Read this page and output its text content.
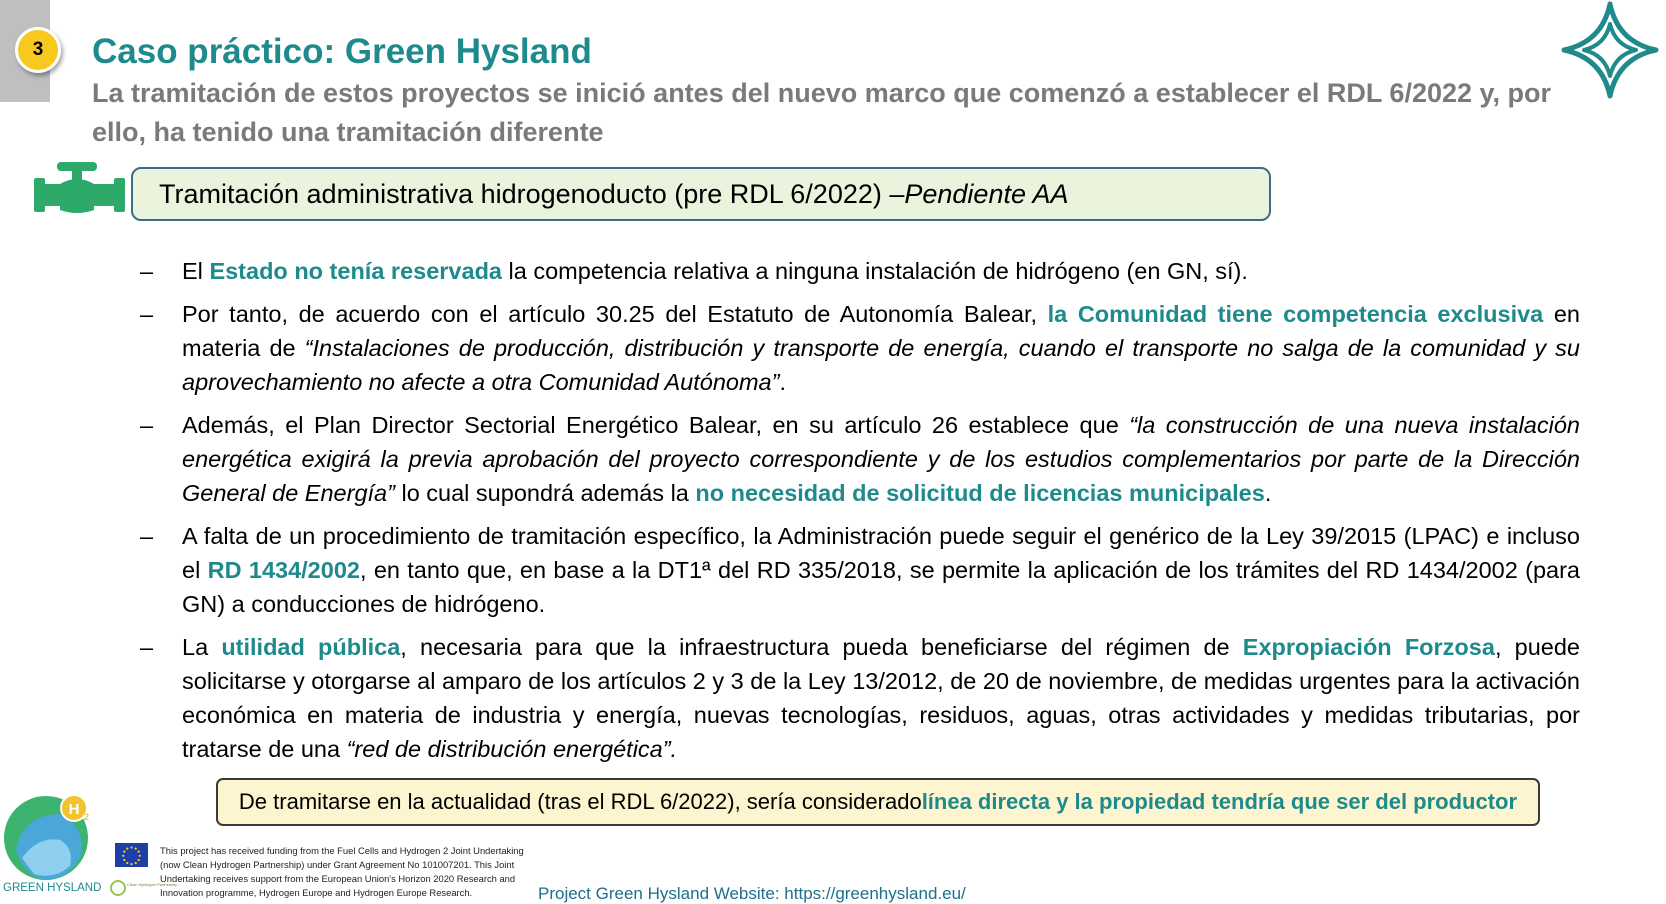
3	Caso práctico: Green Hysland

La tramitación de estos proyectos se inició antes del nuevo marco que comenzó a establecer el RDL 6/2022 y, por ello, ha tenido una tramitación diferente

Tramitación administrativa hidrogenoducto (pre RDL 6/2022) – Pendiente AA
– El Estado no tenía reservada la competencia relativa a ninguna instalación de hidrógeno (en GN, sí).
– Por tanto, de acuerdo con el artículo 30.25 del Estatuto de Autonomía Balear, la Comunidad tiene competencia exclusiva en materia de “Instalaciones de producción, distribución y transporte de energía, cuando el transporte no salga de la comunidad y su aprovechamiento no afecte a otra Comunidad Autónoma”.
– Además, el Plan Director Sectorial Energético Balear, en su artículo 26 establece que “la construcción de una nueva instalación energética exigirá la previa aprobación del proyecto correspondiente y de los estudios complementarios por parte de la Dirección General de Energía” lo cual supondrá además la no necesidad de solicitud de licencias municipales.
– A falta de un procedimiento de tramitación específico, la Administración puede seguir el genérico de la Ley 39/2015 (LPAC) e incluso el RD 1434/2002, en tanto que, en base a la DT1ª del RD 335/2018, se permite la aplicación de los trámites del RD 1434/2002 (para GN) a conducciones de hidrógeno.
– La utilidad pública, necesaria para que la infraestructura pueda beneficiarse del régimen de Expropiación Forzosa, puede solicitarse y otorgarse al amparo de los artículos 2 y 3 de la Ley 13/2012, de 20 de noviembre, de medidas urgentes para la activación económica en materia de industria y energía, nuevas tecnologías, residuos, aguas, otras actividades y medidas tributarias, por tratarse de una “red de distribución energética”.
De tramitarse en la actualidad (tras el RDL 6/2022), sería considerado línea directa y la propiedad tendría que ser del productor
H 2
GREEN HYSLAND	Clean Hydrogen Partnership

This project has received funding from the Fuel Cells and Hydrogen 2 Joint Undertaking (now Clean Hydrogen Partnership) under Grant Agreement No 101007201. This Joint Undertaking receives support from the European Union's Horizon 2020 Research and Innovation programme, Hydrogen Europe and Hydrogen Europe Research.	Project Green Hysland Website: https://greenhysland.eu/
